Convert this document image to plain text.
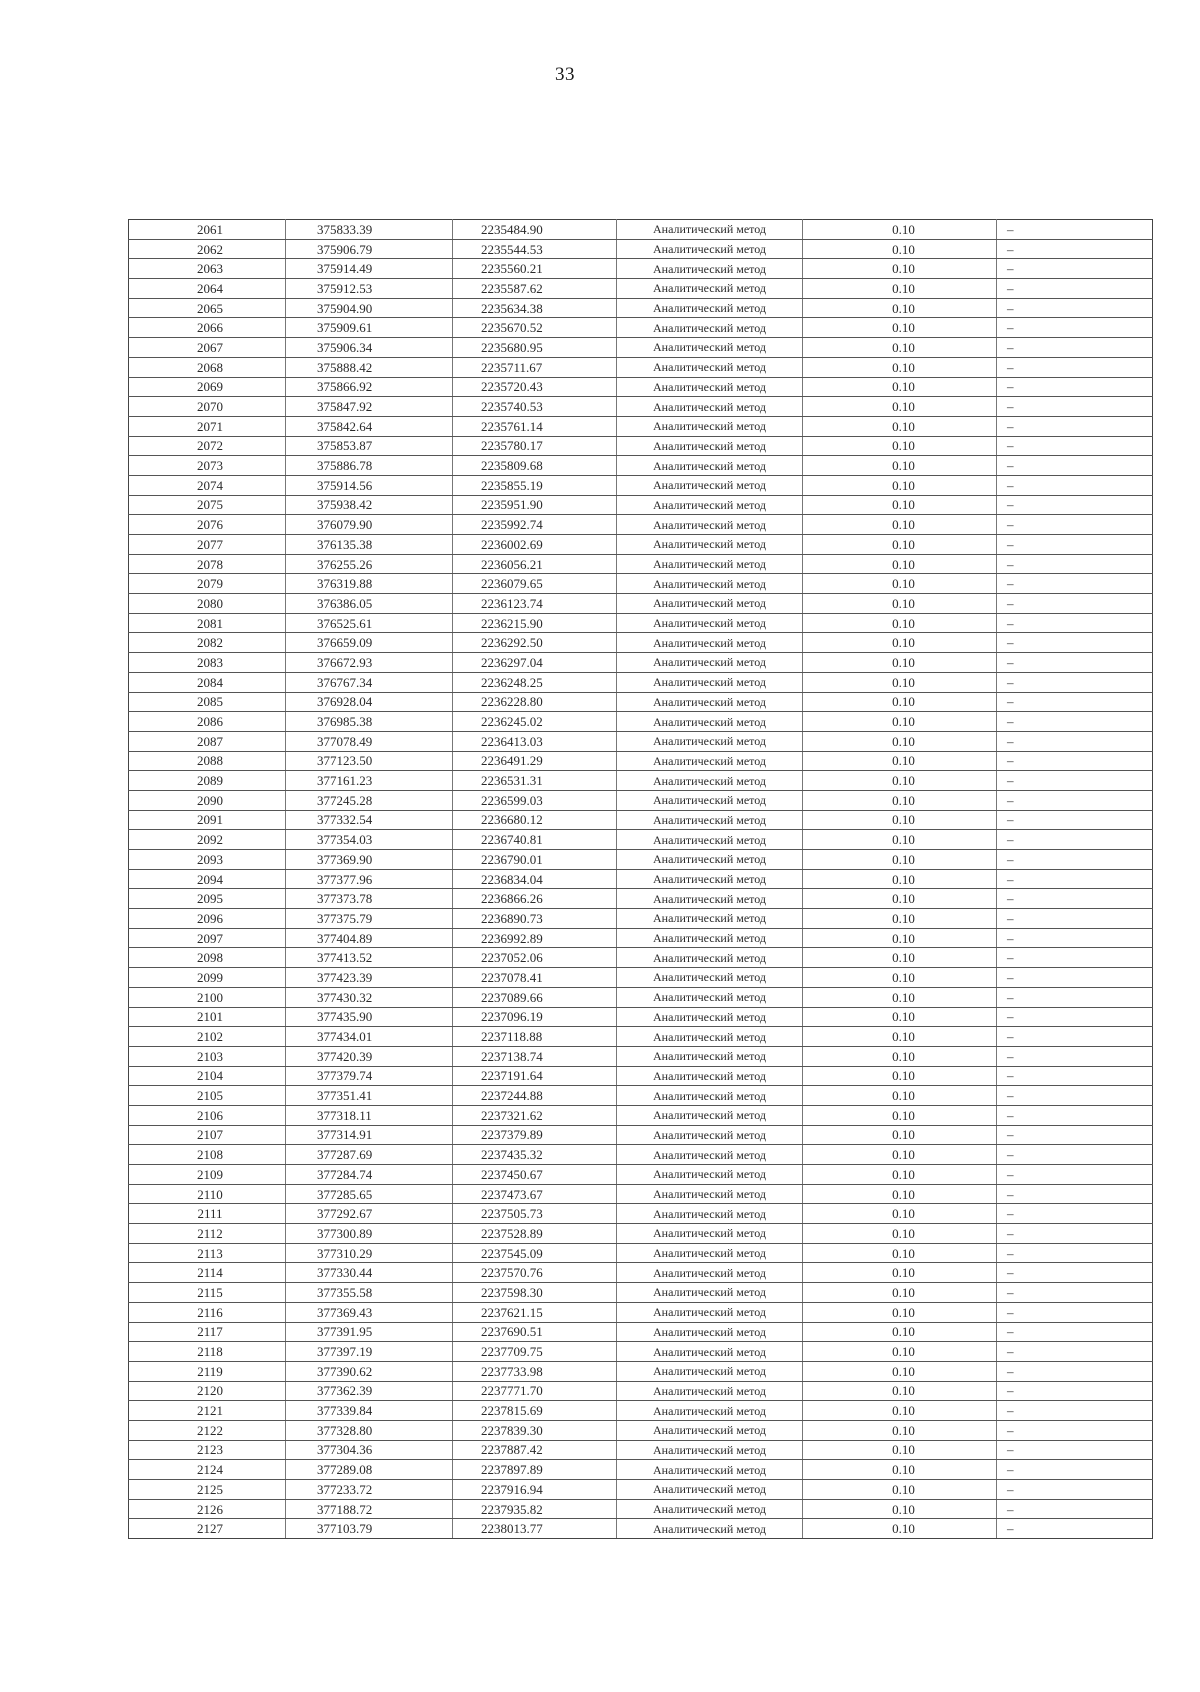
33
2061	375833.39	2235484.90	Аналитический метод	0.10	–
2062	375906.79	2235544.53	Аналитический метод	0.10	–
2063	375914.49	2235560.21	Аналитический метод	0.10	–
2064	375912.53	2235587.62	Аналитический метод	0.10	–
2065	375904.90	2235634.38	Аналитический метод	0.10	–
2066	375909.61	2235670.52	Аналитический метод	0.10	–
2067	375906.34	2235680.95	Аналитический метод	0.10	–
2068	375888.42	2235711.67	Аналитический метод	0.10	–
2069	375866.92	2235720.43	Аналитический метод	0.10	–
2070	375847.92	2235740.53	Аналитический метод	0.10	–
2071	375842.64	2235761.14	Аналитический метод	0.10	–
2072	375853.87	2235780.17	Аналитический метод	0.10	–
2073	375886.78	2235809.68	Аналитический метод	0.10	–
2074	375914.56	2235855.19	Аналитический метод	0.10	–
2075	375938.42	2235951.90	Аналитический метод	0.10	–
2076	376079.90	2235992.74	Аналитический метод	0.10	–
2077	376135.38	2236002.69	Аналитический метод	0.10	–
2078	376255.26	2236056.21	Аналитический метод	0.10	–
2079	376319.88	2236079.65	Аналитический метод	0.10	–
2080	376386.05	2236123.74	Аналитический метод	0.10	–
2081	376525.61	2236215.90	Аналитический метод	0.10	–
2082	376659.09	2236292.50	Аналитический метод	0.10	–
2083	376672.93	2236297.04	Аналитический метод	0.10	–
2084	376767.34	2236248.25	Аналитический метод	0.10	–
2085	376928.04	2236228.80	Аналитический метод	0.10	–
2086	376985.38	2236245.02	Аналитический метод	0.10	–
2087	377078.49	2236413.03	Аналитический метод	0.10	–
2088	377123.50	2236491.29	Аналитический метод	0.10	–
2089	377161.23	2236531.31	Аналитический метод	0.10	–
2090	377245.28	2236599.03	Аналитический метод	0.10	–
2091	377332.54	2236680.12	Аналитический метод	0.10	–
2092	377354.03	2236740.81	Аналитический метод	0.10	–
2093	377369.90	2236790.01	Аналитический метод	0.10	–
2094	377377.96	2236834.04	Аналитический метод	0.10	–
2095	377373.78	2236866.26	Аналитический метод	0.10	–
2096	377375.79	2236890.73	Аналитический метод	0.10	–
2097	377404.89	2236992.89	Аналитический метод	0.10	–
2098	377413.52	2237052.06	Аналитический метод	0.10	–
2099	377423.39	2237078.41	Аналитический метод	0.10	–
2100	377430.32	2237089.66	Аналитический метод	0.10	–
2101	377435.90	2237096.19	Аналитический метод	0.10	–
2102	377434.01	2237118.88	Аналитический метод	0.10	–
2103	377420.39	2237138.74	Аналитический метод	0.10	–
2104	377379.74	2237191.64	Аналитический метод	0.10	–
2105	377351.41	2237244.88	Аналитический метод	0.10	–
2106	377318.11	2237321.62	Аналитический метод	0.10	–
2107	377314.91	2237379.89	Аналитический метод	0.10	–
2108	377287.69	2237435.32	Аналитический метод	0.10	–
2109	377284.74	2237450.67	Аналитический метод	0.10	–
2110	377285.65	2237473.67	Аналитический метод	0.10	–
2111	377292.67	2237505.73	Аналитический метод	0.10	–
2112	377300.89	2237528.89	Аналитический метод	0.10	–
2113	377310.29	2237545.09	Аналитический метод	0.10	–
2114	377330.44	2237570.76	Аналитический метод	0.10	–
2115	377355.58	2237598.30	Аналитический метод	0.10	–
2116	377369.43	2237621.15	Аналитический метод	0.10	–
2117	377391.95	2237690.51	Аналитический метод	0.10	–
2118	377397.19	2237709.75	Аналитический метод	0.10	–
2119	377390.62	2237733.98	Аналитический метод	0.10	–
2120	377362.39	2237771.70	Аналитический метод	0.10	–
2121	377339.84	2237815.69	Аналитический метод	0.10	–
2122	377328.80	2237839.30	Аналитический метод	0.10	–
2123	377304.36	2237887.42	Аналитический метод	0.10	–
2124	377289.08	2237897.89	Аналитический метод	0.10	–
2125	377233.72	2237916.94	Аналитический метод	0.10	–
2126	377188.72	2237935.82	Аналитический метод	0.10	–
2127	377103.79	2238013.77	Аналитический метод	0.10	–
